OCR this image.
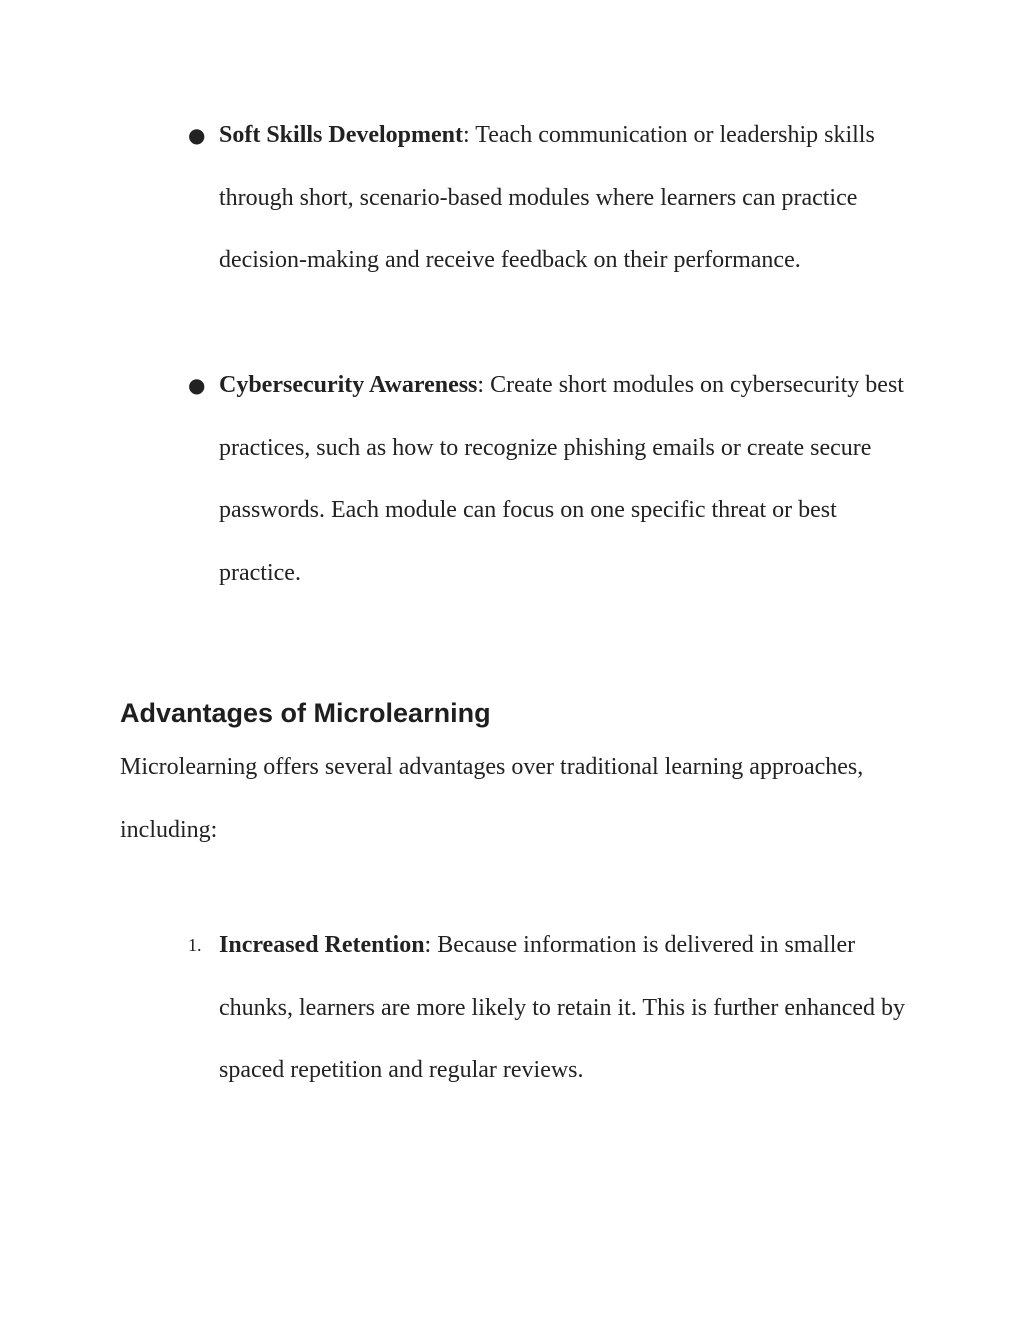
● Soft Skills Development: Teach communication or leadership skills through short, scenario-based modules where learners can practice decision-making and receive feedback on their performance.
● Cybersecurity Awareness: Create short modules on cybersecurity best practices, such as how to recognize phishing emails or create secure passwords. Each module can focus on one specific threat or best practice.
Advantages of Microlearning

Microlearning offers several advantages over traditional learning approaches, including:

1. Increased Retention: Because information is delivered in smaller chunks, learners are more likely to retain it. This is further enhanced by spaced repetition and regular reviews.
